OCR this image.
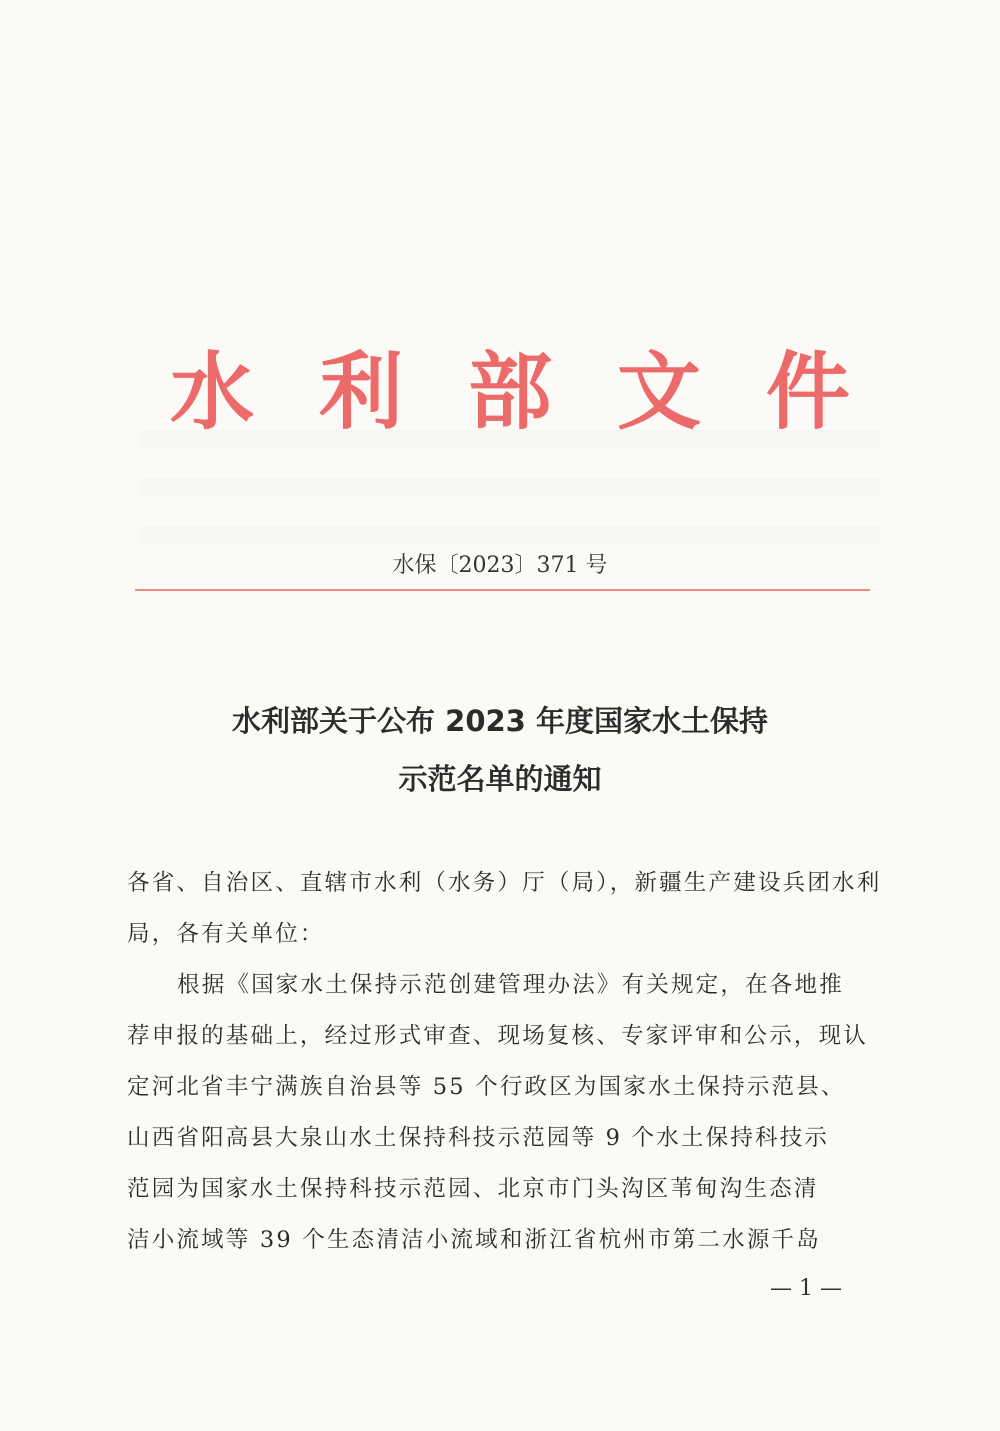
水 利 部 文 件
水保〔2023〕371 号
水利部关于公布 2023 年度国家水土保持
示范名单的通知
各省、自治区、直辖市水利（水务）厅（局），新疆生产建设兵团水利
局，各有关单位：
根据《国家水土保持示范创建管理办法》有关规定，在各地推
荐申报的基础上，经过形式审查、现场复核、专家评审和公示，现认
定河北省丰宁满族自治县等 55 个行政区为国家水土保持示范县、
山西省阳高县大泉山水土保持科技示范园等 9 个水土保持科技示
范园为国家水土保持科技示范园、北京市门头沟区苇甸沟生态清
洁小流域等 39 个生态清洁小流域和浙江省杭州市第二水源千岛
— 1 —
